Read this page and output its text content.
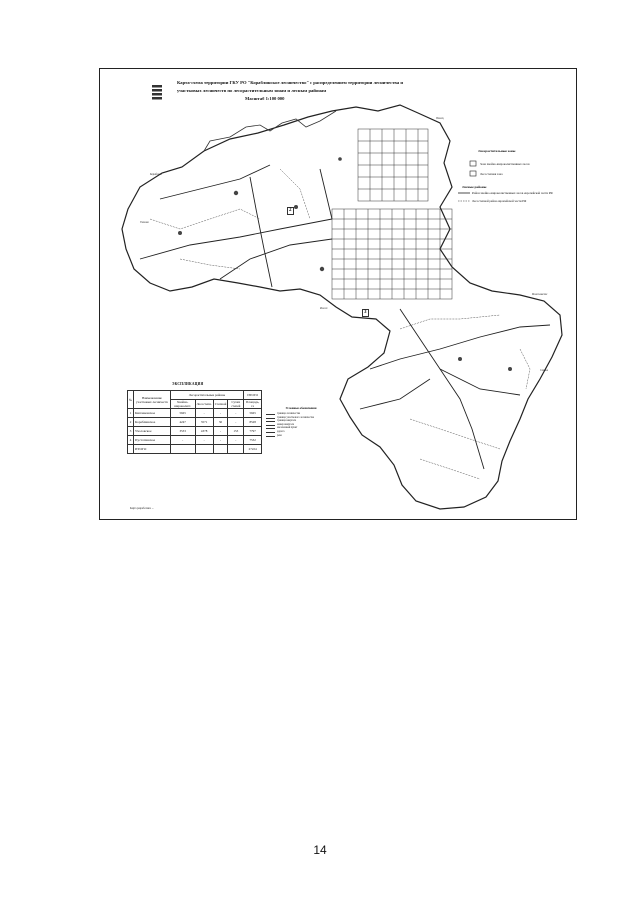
Карта-схема территории ГКУ РО "Кораблинское лесничество" с распределением территории лесничества и
участковых лесничеств по лесорастительным зонам и лесным районам

Масштаб 1:100 000
2
3
Лесорастительные зоны
Зона хвойно-широколиственных лесов
Лесостепная зона
Лесные районы
Район хвойно-широколиственных лесов европейской части РФ
Лесостепной район европейской части РФ
Кораблино
Пехлец
Ухолово
Ряжск
Милославское
Скопин
ЭКСПЛИКАЦИЯ
№	Наименование участковых лесничеств	Лесорастительные районы				ИТОГО
		Хвойно-широколист.	Лесостепн.	Степной	Сухих степей	Площадь, га
1	Кипчаковское	5665	-	-	-	5665
2	Кораблинское	4247	3571	30	-	8528
3	Ухоловское	3533	4378	-	153	7797
4	Пустотинское	-	-	-	-	7532
	ИТОГО					27224
Условные обозначения
граница лесничества
граница участкового лесничества
граница квартала
номер квартала
населенный пункт
дорога
река
Карта разработана: ...
14
